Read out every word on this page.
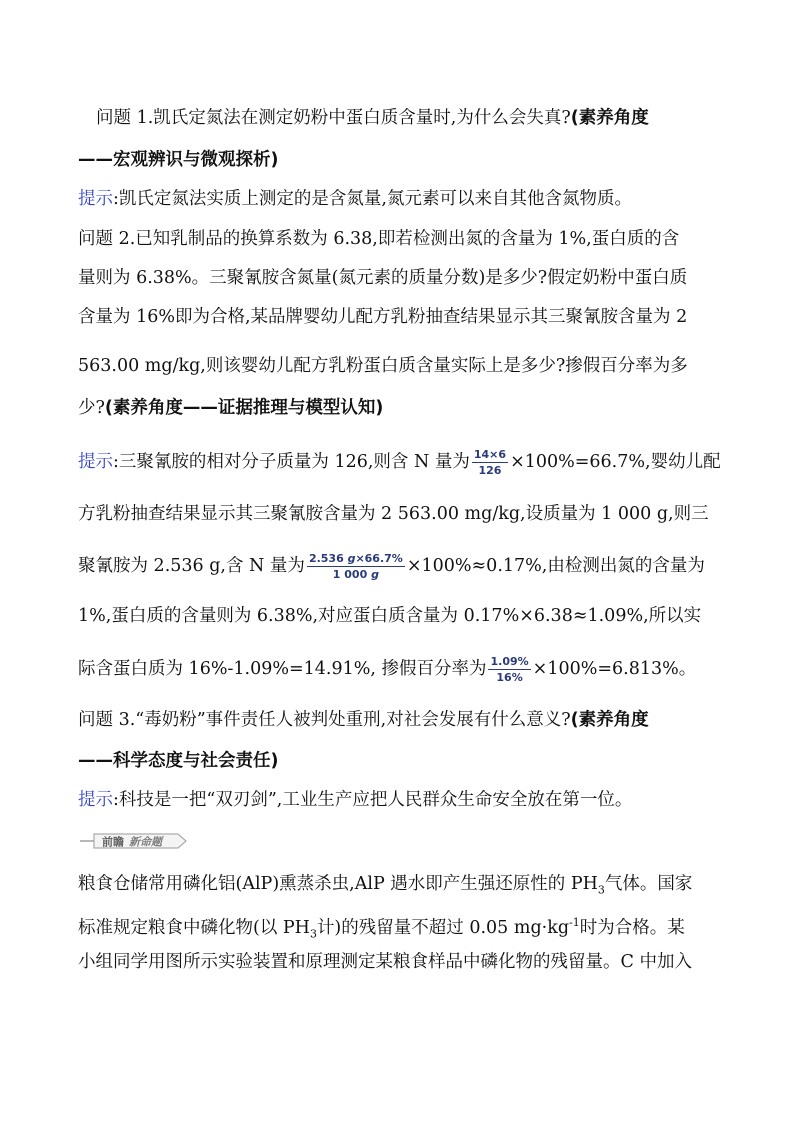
问题 1.凯氏定氮法在测定奶粉中蛋白质含量时,为什么会失真?(素养角度
——宏观辨识与微观探析)
提示:凯氏定氮法实质上测定的是含氮量,氮元素可以来自其他含氮物质。
问题 2.已知乳制品的换算系数为 6.38,即若检测出氮的含量为 1%,蛋白质的含
量则为 6.38%。三聚氰胺含氮量(氮元素的质量分数)是多少?假定奶粉中蛋白质
含量为 16%即为合格,某品牌婴幼儿配方乳粉抽查结果显示其三聚氰胺含量为 2
563.00 mg/kg,则该婴幼儿配方乳粉蛋白质含量实际上是多少?掺假百分率为多
少?(素养角度——证据推理与模型认知)
提示:三聚氰胺的相对分子质量为 126,则含 N 量为 $\frac{14\times 6}{126} \times 100\%=66.7\%$,婴幼儿配
方乳粉抽查结果显示其三聚氰胺含量为 2 563.00 mg/kg,设质量为 1 000 g,则三
聚氰胺为 2.536 g,含 N 量为 $\frac{2.536 g\times 66.7\%}{1 000 g} \times 100\%\approx 0.17\%$,由检测出氮的含量为
1%,蛋白质的含量则为 6.38%,对应蛋白质含量为 0.17%×6.38≈1.09%,所以实
际含蛋白质为 16%-1.09%=14.91%, 掺假百分率为 $\frac{1.09\%}{16\%} \times 100\%=6.813\%$。
问题 3.“毒奶粉”事件责任人被判处重刑,对社会发展有什么意义?(素养角度
——科学态度与社会责任)
提示:科技是一把“双刃剑”,工业生产应把人民群众生命安全放在第一位。
前瞻 新命题
粮食仓储常用磷化铝(AlP)熏蒸杀虫,AlP 遇水即产生强还原性的 $PH_3$气体。国家
标准规定粮食中磷化物(以 $PH_3$计)的残留量不超过 0.05 $mg\cdot kg^{-1}$时为合格。某
小组同学用图所示实验装置和原理测定某粮食样品中磷化物的残留量。C 中加入
